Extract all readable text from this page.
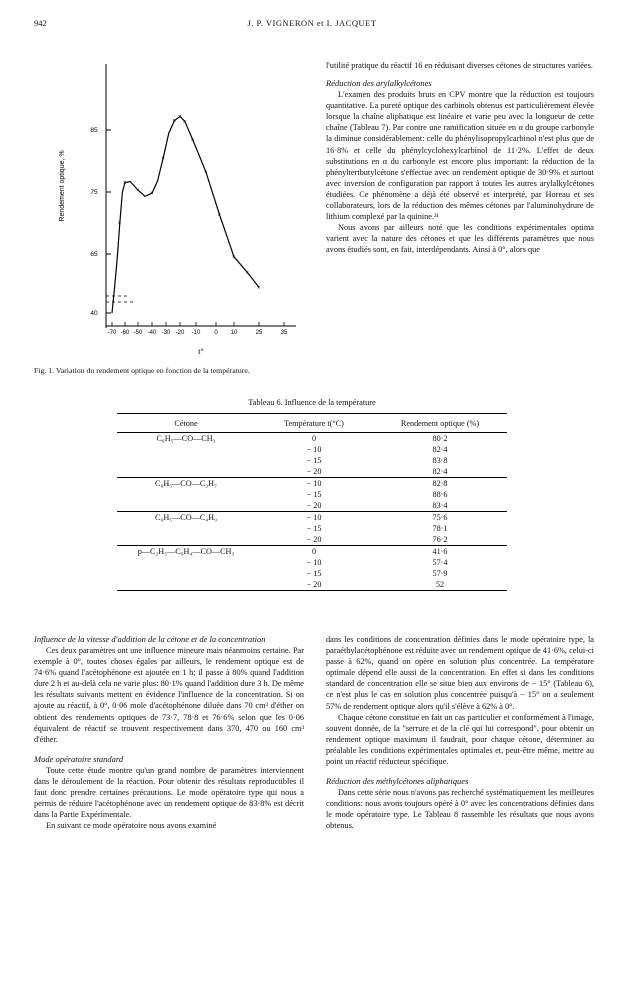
942	J. P. VIGNERON et I. JACQUET
40
65
75
85
-70 -60 -50 -40 -30 -20 -10 0 10	25	35
Rendement optique, %
t°
×
×
×
×
×
×
×
×
×
×
×
×
×
×
Fig. 1. Variation du rendement optique en fonction de la température.

l'utilité pratique du réactif 16 en réduisant diverses cétones de structures variées.

Réduction des arylalkylcétones

L'examen des produits bruts en CPV montre que la réduction est toujours quantitative. La pureté optique des carbinols obtenus est particulièrement élevée lorsque la chaîne aliphatique est linéaire et varie peu avec la longueur de cette chaîne (Tableau 7). Par contre une ramification située en α du groupe carbonyle la diminue considérablement: celle du phénylisopropylcarbinol n'est plus que de 16·8% et celle du phénylcyclohexylcarbinol de 11·2%. L'effet de deux substitutions en α du carbonyle est encore plus important: la réduction de la phényltertbutylcétone s'effectue avec un rendement optique de 30·9% et surtout avec inversion de configuration par rapport à toutes les autres arylalkylcétones étudiées. Ce phénomène a déjà été observé et interprété, par Horeau et ses collaborateurs, lors de la réduction des mêmes cétones par l'aluminohydrure de lithium complexé par la quinine.²¹

Nous avons par ailleurs noté que les conditions expérimentales optima varient avec la nature des cétones et que les différents paramètres que nous avons étudiés sont, en fait, interdépendants. Ainsi à 0°, alors que

Tableau 6. Influence de la température
Cétone	Température t(°C)	Rendement optique (%)
C₆H₅—CO—CH₃	0	80·2
	− 10	82·4
	− 15	83·8
	− 20	82·4
C₆H₅—CO—C₃H₇	− 10	82·8
	− 15	88·6
	− 20	83·4
C₆H₅—CO—C₄H₉	− 10	75·6
	− 15	78·1
	− 20	76·2
p—C₂H₅—C₆H₄—CO—CH₃	0	41·6
	− 10	57·4
	− 15	57·9
	− 20	52

Influence de la vitesse d'addition de la cétone et de la concentration

Ces deux paramètres ont une influence mineure mais néanmoins certaine. Par exemple à 0°, toutes choses égales par ailleurs, le rendement optique est de 74·6% quand l'acétophénone est ajoutée en 1 h; il passe à 80% quand l'addition dure 2 h et au-delà cela ne varie plus: 80·1% quand l'addition dure 3 h. De même les résultats suivants mettent en évidence l'influence de la concentration. Si on ajoute au réactif, à 0°, 0·06 mole d'acétophénone diluée dans 70 cm³ d'éther on obtient des rendements optiques de 73·7, 78·8 et 76·6% selon que les 0·06 équivalent de réactif se trouvent respectivement dans 370, 470 ou 160 cm³ d'éther.

Mode opératoire standard

Toute cette étude montre qu'un grand nombre de paramètres interviennent dans le déroulement de la réaction. Pour obtenir des résultats reproductibles il faut donc prendre certaines précautions. Le mode opératoire type qui nous a permis de réduire l'acétophénone avec un rendement optique de 83·8% est décrit dans la Partie Expérimentale.

En suivant ce mode opératoire nous avons examiné

dans les conditions de concentration définies dans le mode opératoire type, la paraéthylacétophénone est réduite avec un rendement optique de 41·6%, celui-ci passe à 62%, quand on opère en solution plus concentrée. La température optimale dépend elle aussi de la concentration. En effet si dans les conditions standard de concentration elle se situe bien aux environs de − 15° (Tableau 6), ce n'est plus le cas en solution plus concentrée puisqu'à − 15° on a seulement 57% de rendement optique alors qu'il s'élève à 62% à 0°.

Chaque cétone constitue en fait un cas particulier et conformément à l'image, souvent donnée, de la "serrure et de la clé qui lui correspond", pour obtenir un rendement optique maximum il faudrait, pour chaque cétone, déterminer au préalable les conditions expérimentales optimales et, peut-être même, mettre au point un réactif réducteur spécifique.

Réduction des méthylcétones aliphatiques

Dans cette série nous n'avons pas recherché systématiquement les meilleures conditions: nous avons toujours opéré à 0° avec les concentrations définies dans le mode opératoire type. Le Tableau 8 rassemble les résultats que nous avons obtenus.
